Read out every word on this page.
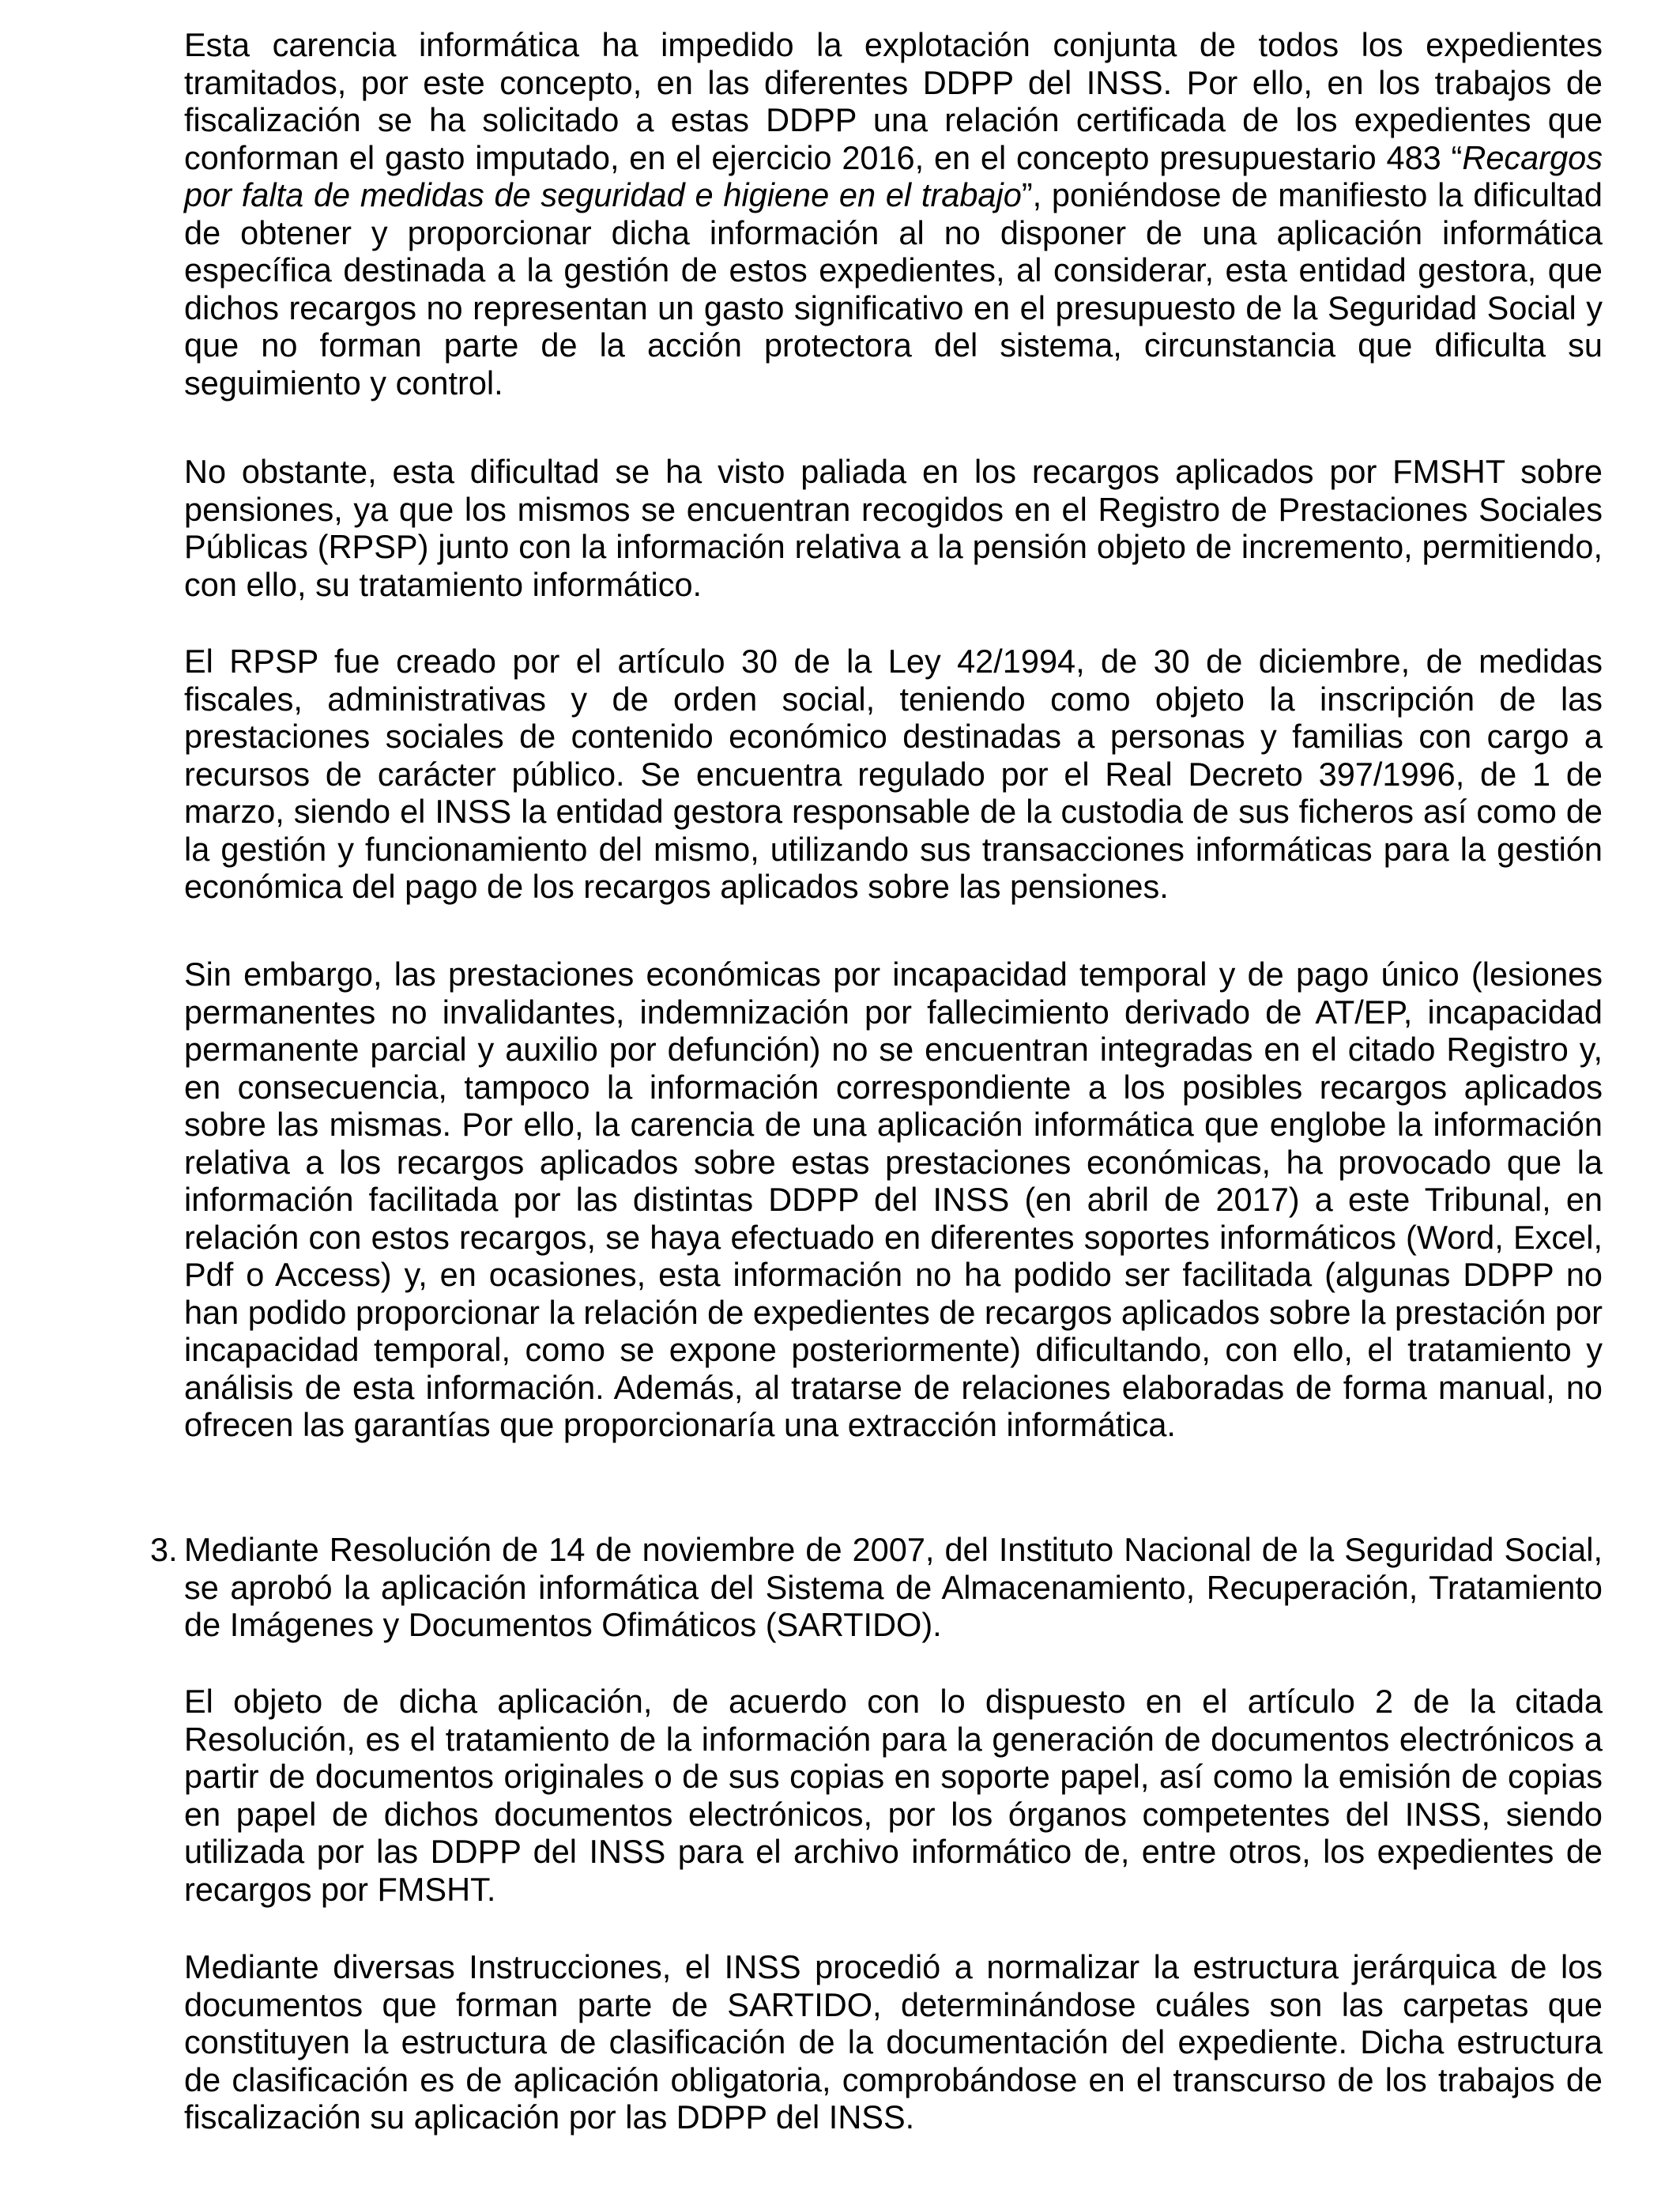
Esta carencia informática ha impedido la explotación conjunta de todos los expedientes tramitados, por este concepto, en las diferentes DDPP del INSS. Por ello, en los trabajos de fiscalización se ha solicitado a estas DDPP una relación certificada de los expedientes que conforman el gasto imputado, en el ejercicio 2016, en el concepto presupuestario 483 “Recargos por falta de medidas de seguridad e higiene en el trabajo”, poniéndose de manifiesto la dificultad de obtener y proporcionar dicha información al no disponer de una aplicación informática específica destinada a la gestión de estos expedientes, al considerar, esta entidad gestora, que dichos recargos no representan un gasto significativo en el presupuesto de la Seguridad Social y que no forman parte de la acción protectora del sistema, circunstancia que dificulta su seguimiento y control.

No obstante, esta dificultad se ha visto paliada en los recargos aplicados por FMSHT sobre pensiones, ya que los mismos se encuentran recogidos en el Registro de Prestaciones Sociales Públicas (RPSP) junto con la información relativa a la pensión objeto de incremento, permitiendo, con ello, su tratamiento informático.

El RPSP fue creado por el artículo 30 de la Ley 42/1994, de 30 de diciembre, de medidas fiscales, administrativas y de orden social, teniendo como objeto la inscripción de las prestaciones sociales de contenido económico destinadas a personas y familias con cargo a recursos de carácter público. Se encuentra regulado por el Real Decreto 397/1996, de 1 de marzo, siendo el INSS la entidad gestora responsable de la custodia de sus ficheros así como de la gestión y funcionamiento del mismo, utilizando sus transacciones informáticas para la gestión económica del pago de los recargos aplicados sobre las pensiones.

Sin embargo, las prestaciones económicas por incapacidad temporal y de pago único (lesiones permanentes no invalidantes, indemnización por fallecimiento derivado de AT/EP, incapacidad permanente parcial y auxilio por defunción) no se encuentran integradas en el citado Registro y, en consecuencia, tampoco la información correspondiente a los posibles recargos aplicados sobre las mismas. Por ello, la carencia de una aplicación informática que englobe la información relativa a los recargos aplicados sobre estas prestaciones económicas, ha provocado que la información facilitada por las distintas DDPP del INSS (en abril de 2017) a este Tribunal, en relación con estos recargos, se haya efectuado en diferentes soportes informáticos (Word, Excel, Pdf o Access) y, en ocasiones, esta información no ha podido ser facilitada (algunas DDPP no han podido proporcionar la relación de expedientes de recargos aplicados sobre la prestación por incapacidad temporal, como se expone posteriormente) dificultando, con ello, el tratamiento y análisis de esta información. Además, al tratarse de relaciones elaboradas de forma manual, no ofrecen las garantías que proporcionaría una extracción informática.

3. Mediante Resolución de 14 de noviembre de 2007, del Instituto Nacional de la Seguridad Social, se aprobó la aplicación informática del Sistema de Almacenamiento, Recuperación, Tratamiento de Imágenes y Documentos Ofimáticos (SARTIDO).

El objeto de dicha aplicación, de acuerdo con lo dispuesto en el artículo 2 de la citada Resolución, es el tratamiento de la información para la generación de documentos electrónicos a partir de documentos originales o de sus copias en soporte papel, así como la emisión de copias en papel de dichos documentos electrónicos, por los órganos competentes del INSS, siendo utilizada por las DDPP del INSS para el archivo informático de, entre otros, los expedientes de recargos por FMSHT.

Mediante diversas Instrucciones, el INSS procedió a normalizar la estructura jerárquica de los documentos que forman parte de SARTIDO, determinándose cuáles son las carpetas que constituyen la estructura de clasificación de la documentación del expediente. Dicha estructura de clasificación es de aplicación obligatoria, comprobándose en el transcurso de los trabajos de fiscalización su aplicación por las DDPP del INSS.
